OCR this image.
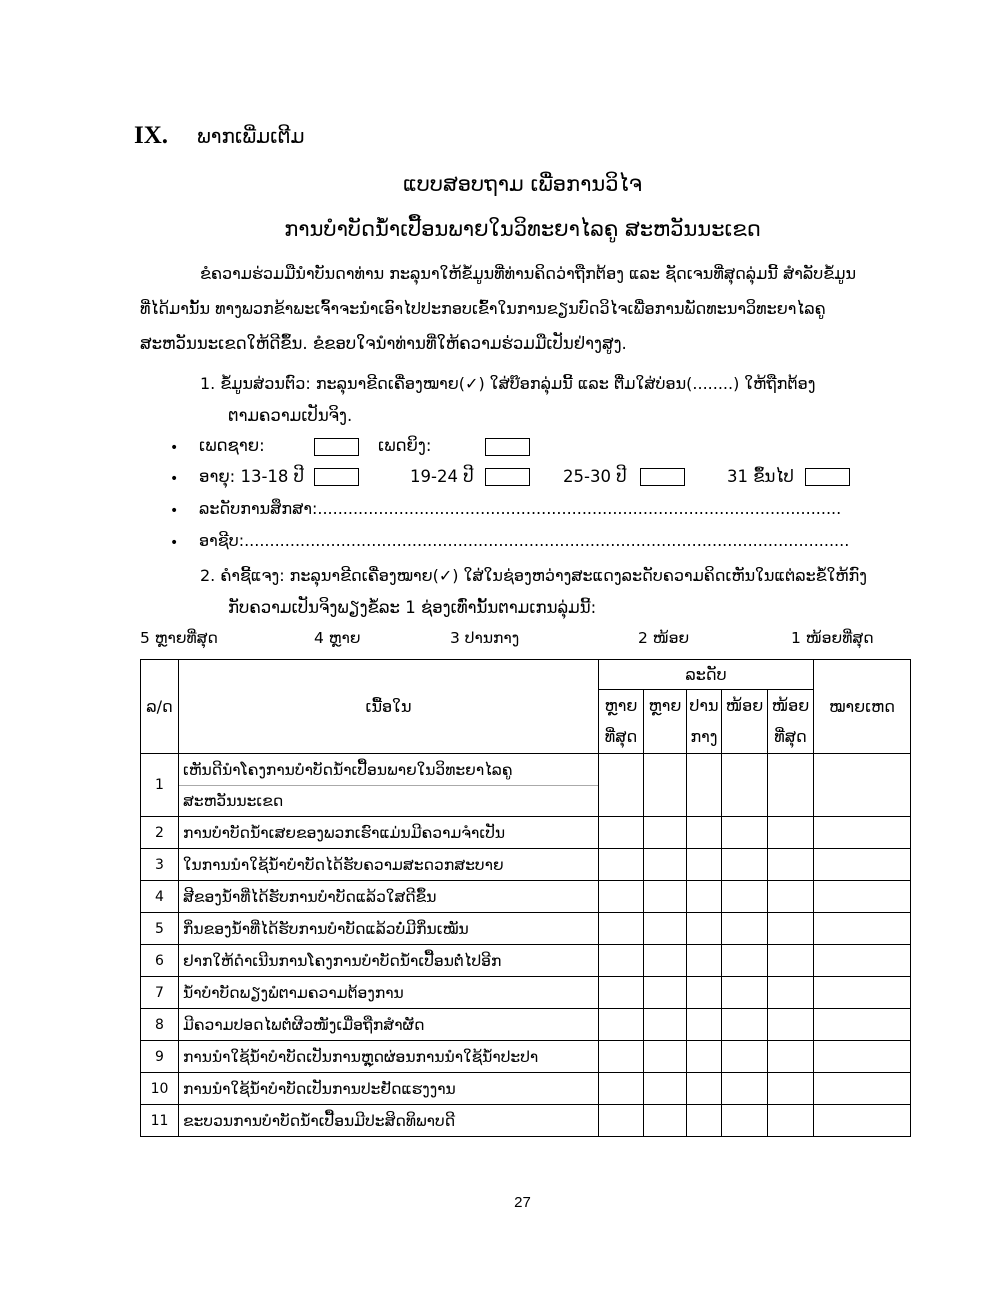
IX. ພາກເພີ່ມເຕີມ
ແບບສອບຖາມ ເພື່ອການວິໄຈ
ການບຳບັດນ້ຳເປື້ອນພາຍໃນວິທະຍາໄລຄູ ສະຫວັນນະເຂດ
ຂໍຄວາມຮ່ວມມືນຳບັນດາທ່ານ ກະລຸນາໃຫ້ຂໍ້ມູນທີ່ທ່ານຄິດວ່າຖືກຕ້ອງ ແລະ ຊັດເຈນທີ່ສຸດລຸ່ມນີ້ ສຳລັບຂໍ້ມູນ
ທີ່ໄດ້ມານັ້ນ ທາງພວກຂ້າພະເຈົ້າຈະນຳເອົາໄປປະກອບເຂົ້າໃນການຂຽນບົດວິໄຈເພື່ອການພັດທະນາວິທະຍາໄລຄູ
ສະຫວັນນະເຂດໃຫ້ດີຂຶ້ນ. ຂໍຂອບໃຈນຳທ່ານທີ່ໃຫ້ຄວາມຮ່ວມມືເປັນຢ່າງສູງ.
1. ຂໍ້ມູນສ່ວນຕົວ: ກະລຸນາຂີດເຄື່ອງໝາຍ(✓) ໃສ່ບ໊ອກລຸ່ມນີ້ ແລະ ຕື່ມໃສ່ບ່ອນ(........) ໃຫ້ຖືກຕ້ອງ
ຕາມຄວາມເປັນຈິງ.
• ເພດຊາຍ:	ເພດຍິງ:
• ອາຍຸ: 13-18 ປີ	19-24 ປີ	25-30 ປີ	31 ຂຶ້ນໄປ
• ລະດັບການສຶກສາ:.......................................................................................................
• ອາຊີບ:.......................................................................................................................
2. ຄຳຊີ້ແຈງ: ກະລຸນາຂີດເຄື່ອງໝາຍ(✓) ໃສ່ໃນຊ່ອງຫວ່າງສະແດງລະດັບຄວາມຄິດເຫັນໃນແຕ່ລະຂໍ້ໃຫ້ກົງ
ກັບຄວາມເປັນຈິງພຽງຂໍ້ລະ 1 ຊ່ອງເທົ່ານັ້ນຕາມເກນລຸ່ມນີ້:
5 ຫຼາຍທີ່ສຸດ	4 ຫຼາຍ	3 ປານກາງ	2 ໜ້ອຍ	1 ໜ້ອຍທີ່ສຸດ
ລ/ດ	ເນື້ອໃນ	ລະດັບ					ໝາຍເຫດ
		ຫຼາຍ	ຫຼາຍ	ປານ	ໜ້ອຍ	ໜ້ອຍ	
		ທີ່ສຸດ		ກາງ		ທີ່ສຸດ	
1	ເຫັນດີນຳໂຄງການບຳບັດນ້ຳເປື້ອນພາຍໃນວິທະຍາໄລຄູ						
	ສະຫວັນນະເຂດ						
2	ການບຳບັດນ້ຳເສຍຂອງພວກເຮົາແມ່ນມີຄວາມຈຳເປັນ						
3	ໃນການນຳໃຊ້ນ້ຳບຳບັດໄດ້ຮັບຄວາມສະດວກສະບາຍ						
4	ສີຂອງນ້ຳທີ່ໄດ້ຮັບການບຳບັດແລ້ວໃສດີຂຶ້ນ						
5	ກິ່ນຂອງນ້ຳທີ່ໄດ້ຮັບການບຳບັດແລ້ວບໍ່ມີກິ່ນເໝັນ						
6	ຢາກໃຫ້ດຳເນີນການໂຄງການບຳບັດນ້ຳເປື້ອນຕໍ່ໄປອີກ						
7	ນ້ຳບຳບັດພຽງພໍຕາມຄວາມຕ້ອງການ						
8	ມີຄວາມປອດໄພຕໍ່ຜີວໜັງເມື່ອຖືກສຳຜັດ						
9	ການນຳໃຊ້ນ້ຳບຳບັດເປັນການຫຼຸດຜ່ອນການນຳໃຊ້ນ້ຳປະປາ						
10	ການນຳໃຊ້ນ້ຳບຳບັດເປັນການປະຢັດແຮງງານ						
11	ຂະບວນການບຳບັດນ້ຳເປື້ອນມີປະສິດທິພາບດີ						
27
